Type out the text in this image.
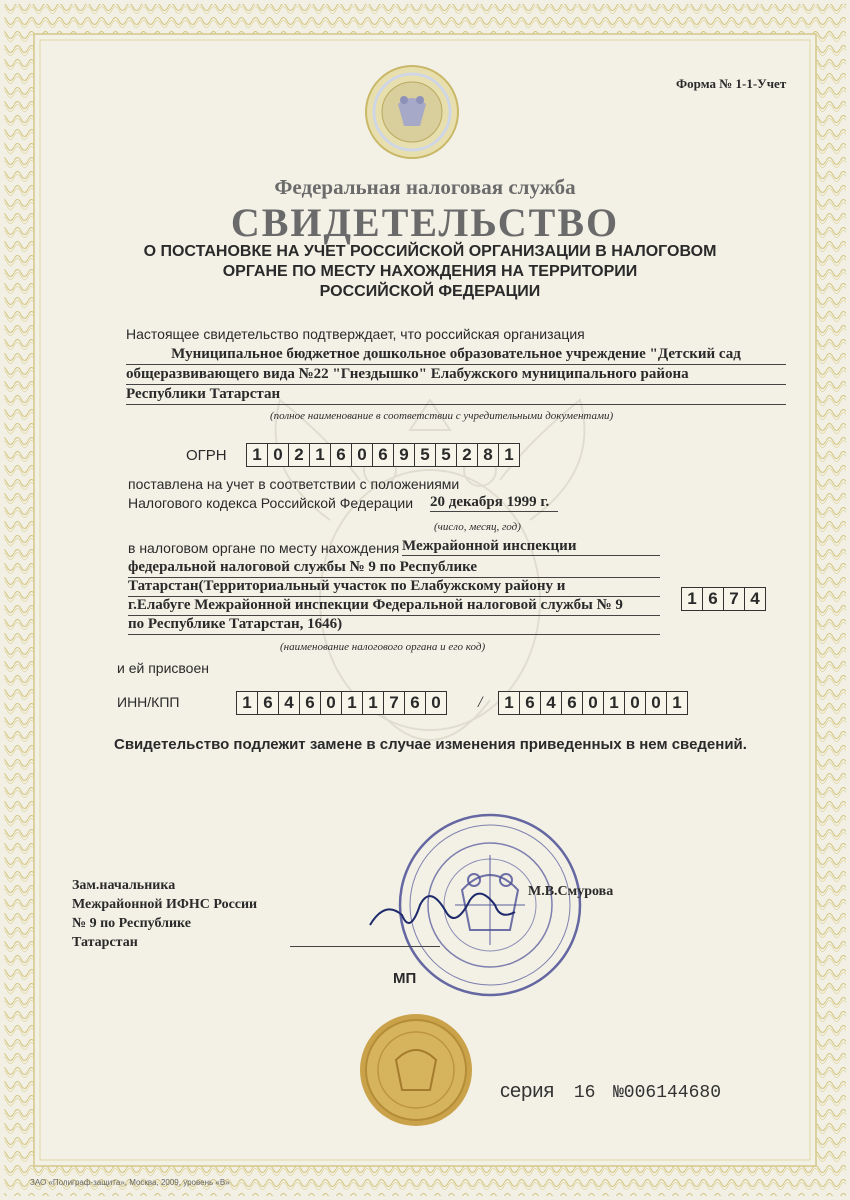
Форма № 1-1-Учет
Федеральная налоговая служба
СВИДЕТЕЛЬСТВО
О ПОСТАНОВКЕ НА УЧЕТ РОССИЙСКОЙ ОРГАНИЗАЦИИ В НАЛОГОВОМ
ОРГАНЕ ПО МЕСТУ НАХОЖДЕНИЯ НА ТЕРРИТОРИИ
РОССИЙСКОЙ ФЕДЕРАЦИИ
Настоящее свидетельство подтверждает, что российская организация
Муниципальное бюджетное дошкольное образовательное учреждение "Детский сад
общеразвивающего вида №22 "Гнездышко" Елабужского муниципального района
Республики Татарстан
(полное наименование в соответствии с учредительными документами)
ОГРН	1 0 2 1 6 0 6 9 5 5 2 8 1
поставлена на учет в соответствии с положениями
Налогового кодекса Российской Федерации 20 декабря 1999 г.
(число, месяц, год)
в налоговом органе по месту нахождения Межрайонной инспекции
федеральной налоговой службы № 9 по Республике
Татарстан(Территориальный участок по Елабужскому району и
г.Елабуге Межрайонной инспекции Федеральной налоговой службы № 9
по Республике Татарстан, 1646)
1 6 7 4
(наименование налогового органа и его код)
и ей присвоен
ИНН/КПП	1 6 4 6 0 1 1 7 6 0	/	1 6 4 6 0 1 0 0 1
Свидетельство подлежит замене в случае изменения приведенных в нем сведений.
Зам.начальника
Межрайонной ИФНС России
№ 9 по Республике
Татарстан
М.В.Смурова
МП
серия 16 №006144680
ЗАО «Полиграф-защита», Москва, 2009, уровень «В»
